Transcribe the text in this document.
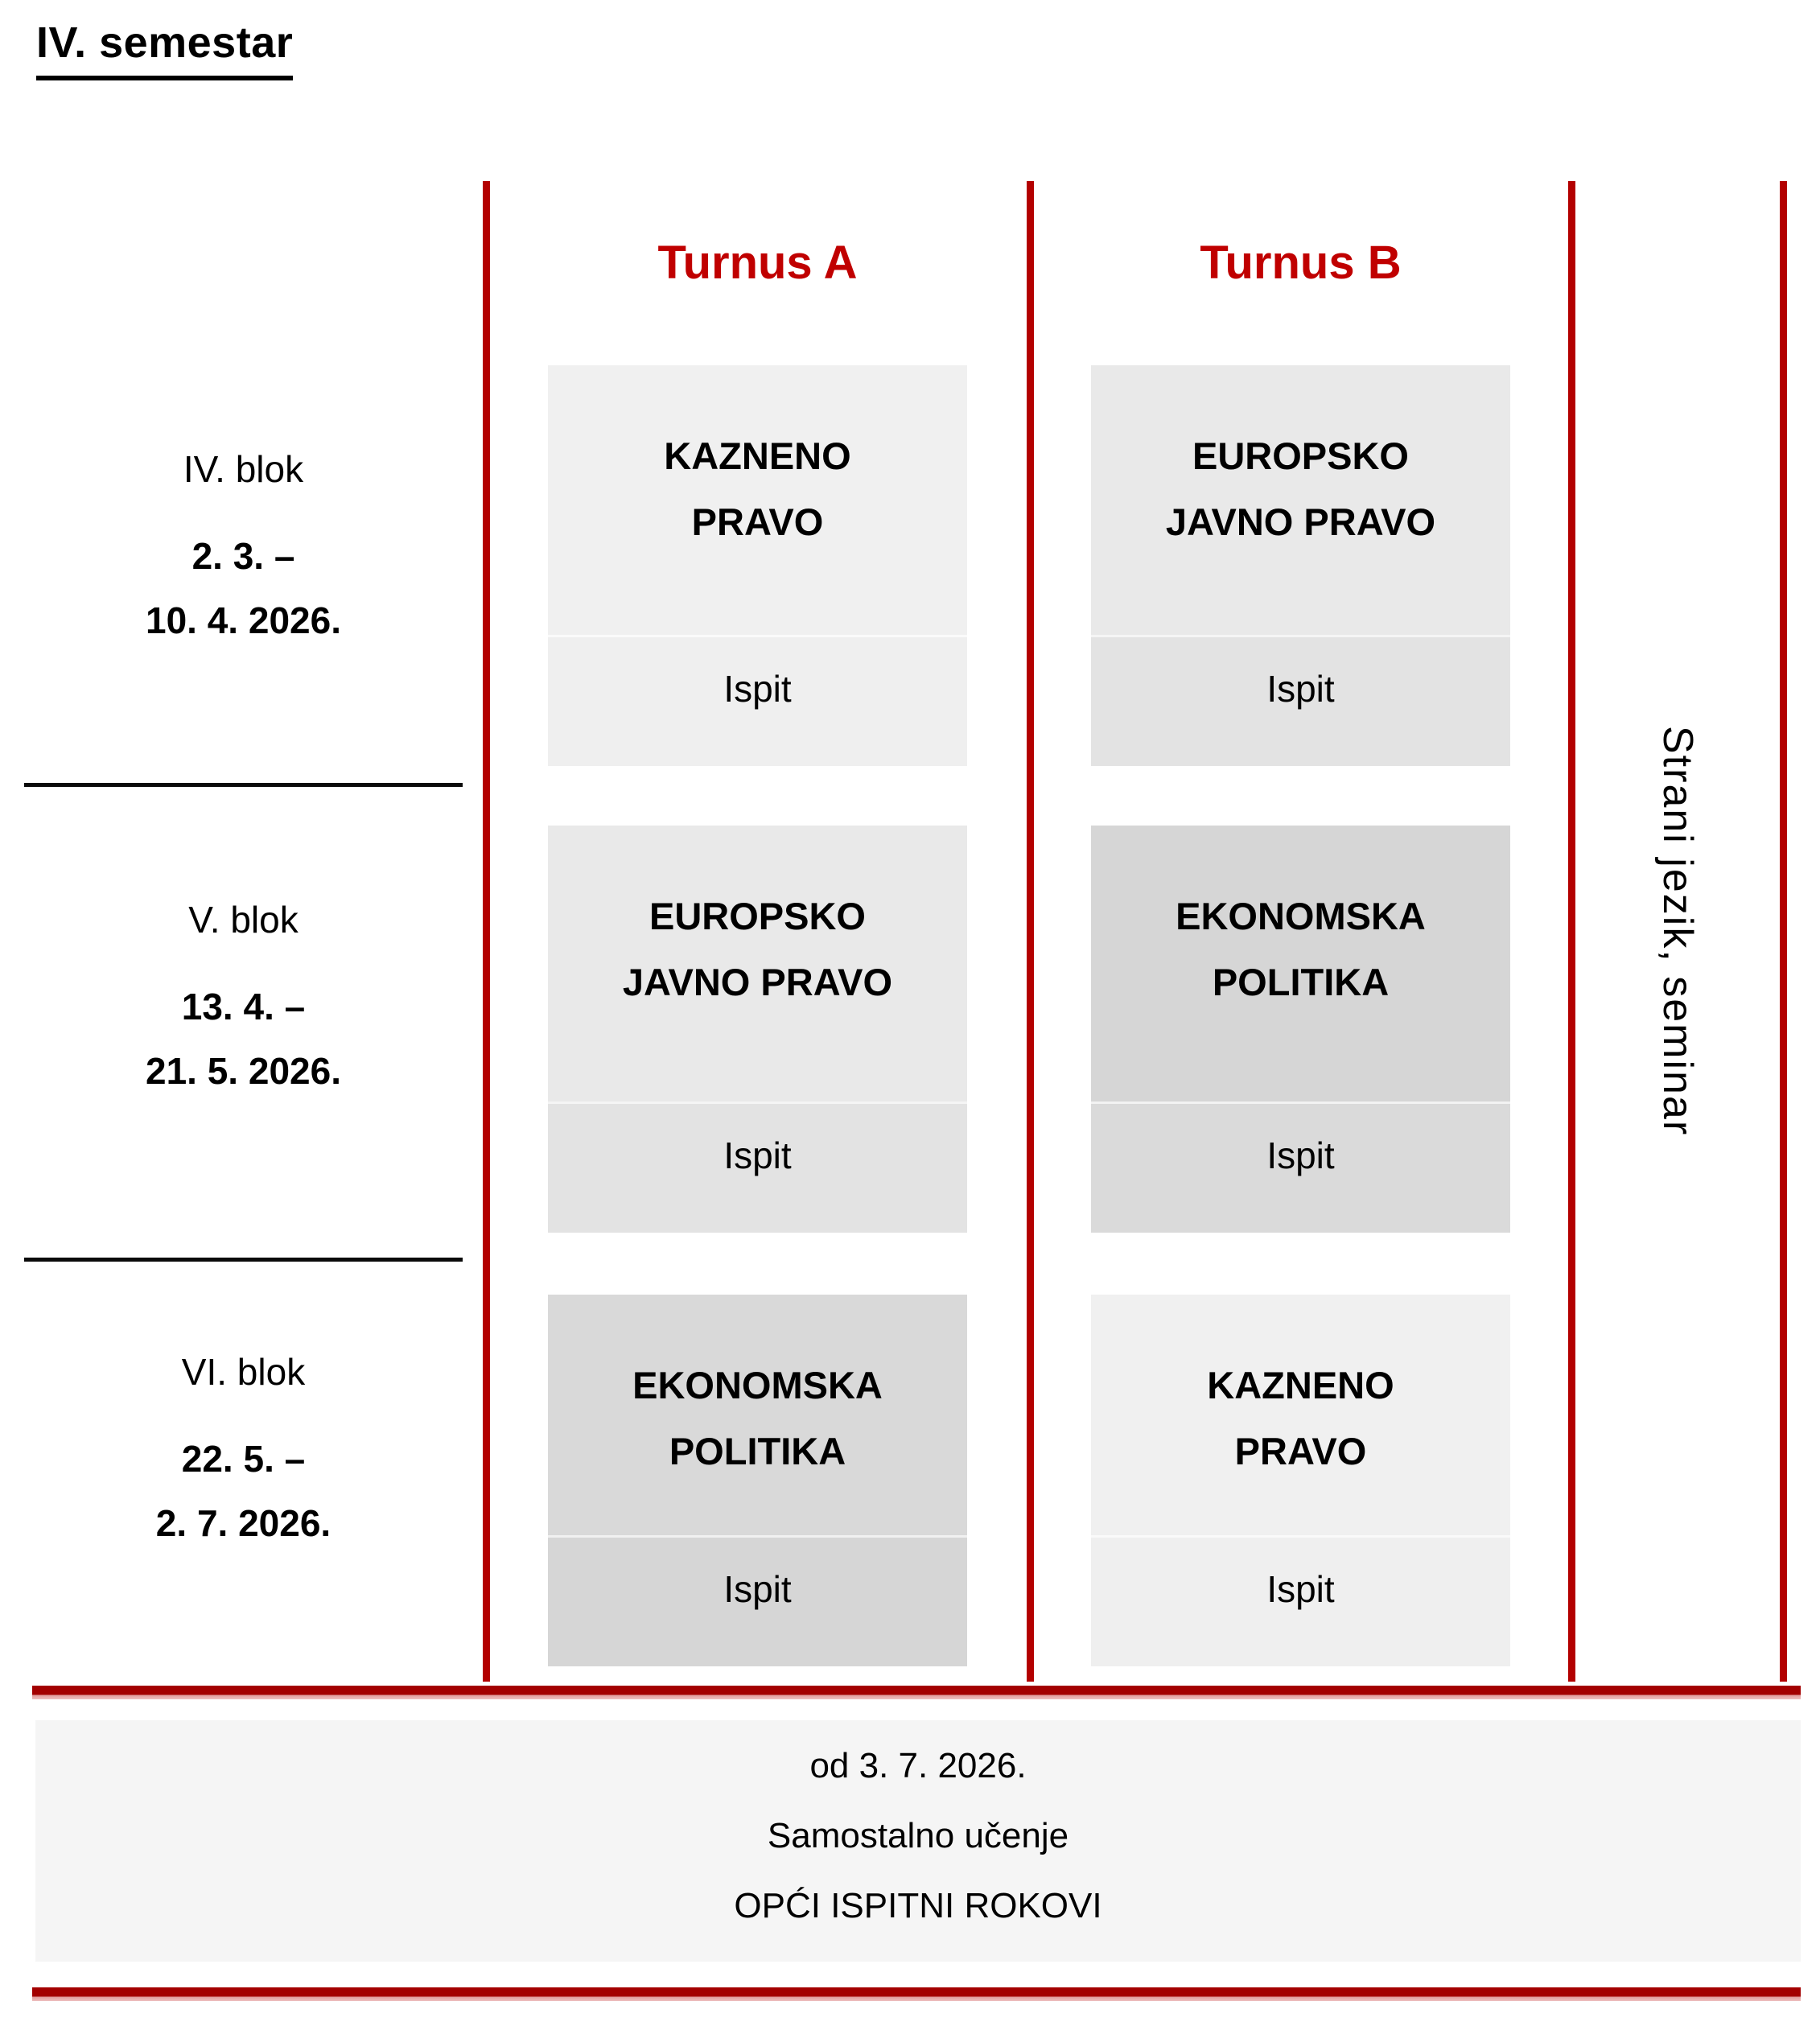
IV. semestar
Turnus A	Turnus B
IV. blok
2. 3. –
10. 4. 2026.
V. blok
13. 4. –
21. 5. 2026.
VI. blok
22. 5. –
2. 7. 2026.
KAZNENO
PRAVO
Ispit
EUROPSKO
JAVNO PRAVO
Ispit
EUROPSKO
JAVNO PRAVO
Ispit
EKONOMSKA
POLITIKA
Ispit
EKONOMSKA
POLITIKA
Ispit
KAZNENO
PRAVO
Ispit
Strani jezik, seminar
od 3. 7. 2026.
Samostalno učenje
OPĆI ISPITNI ROKOVI
